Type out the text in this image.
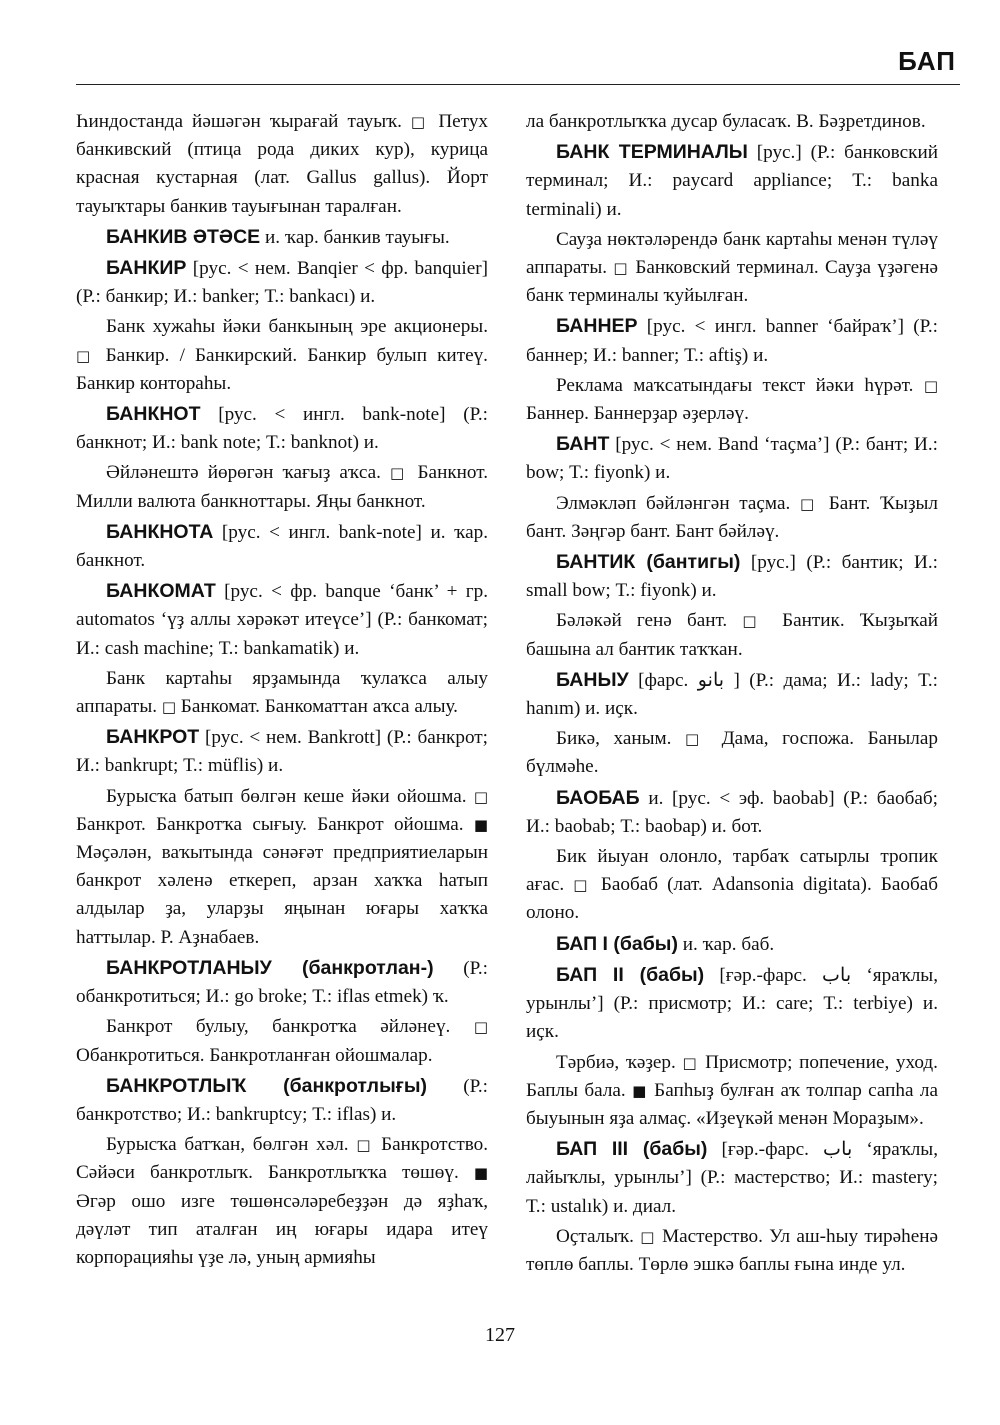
БАП

Һиндостанда йәшәгән ҡырағай тауыҡ. □ Петух банкивский (птица рода диких кур), курица красная кустарная (лат. Gallus gallus). Йорт тауыҡтары банкив тауығынан таралған.

БАНКИВ ӘТӘСЕ и. ҡар. банкив тауығы.

БАНКИР [рус. < нем. Banqier < фр. banquier] (Р.: банкир; И.: banker; Т.: bankacı) и.

Банк хужаһы йәки банкының эре акционеры. □ Банкир. / Банкирский. Банкир булып китеү. Банкир контораһы.

БАНКНОТ [рус. < ингл. bank-note] (Р.: банкнот; И.: bank note; Т.: banknot) и.

Әйләнештә йөрөгән ҡағыҙ аҡса. □ Банкнот. Милли валюта банкноттары. Яңы банкнот.

БАНКНОТА [рус. < ингл. bank-note] и. ҡар. банкнот.

БАНКОМАТ [рус. < фр. banque ‘банк’ + гр. automatos ‘үҙ аллы хәрәкәт итеүсе’] (Р.: банкомат; И.: cash machine; Т.: bankamatik) и.

Банк картаһы ярҙамында ҡулаҡса алыу аппараты. □ Банкомат. Банкоматтан аҡса алыу.

БАНКРОТ [рус. < нем. Bankrott] (Р.: банкрот; И.: bankrupt; Т.: müflis) и.

Бурысҡа батып бөлгән кеше йәки ойошма. □ Банкрот. Банкротҡа сығыу. Банкрот ойошма. ■ Мәҫәлән, ваҡытында сәнәғәт предприятиеларын банкрот хәленә еткереп, арзан хаҡҡа һатып алдылар ҙа, уларҙы яңынан юғары хаҡҡа һаттылар. Р. Аҙнабаев.

БАНКРОТЛАНЫУ (банкротлан-) (Р.: обанкротиться; И.: go broke; Т.: iflas etmek) ҡ.

Банкрот булыу, банкротҡа әйләнеү. □ Обанкротиться. Банкротланған ойошмалар.

БАНКРОТЛЫҠ (банкротлығы) (Р.: банкротство; И.: bankruptcy; Т.: iflas) и.

Бурысҡа батҡан, бөлгән хәл. □ Банкротство. Сәйәси банкротлыҡ. Банкротлыҡҡа төшөү. ■ Әгәр ошо изге төшөнсәләребеҙҙән дә яҙһаҡ, дәүләт тип аталған иң юғары идара итеү корпорацияһы үҙе лә, уның армияһы

ла банкротлыҡҡа дусар буласаҡ. В. Бәҙретдинов.

БАНК ТЕРМИНАЛЫ [рус.] (Р.: банковский терминал; И.: paycard appliance; Т.: banka terminali) и.

Сауҙа нөктәләрендә банк картаһы менән түләү аппараты. □ Банковский терминал. Сауҙа үҙәгенә банк терминалы ҡуйылған.

БАННЕР [рус. < ингл. banner ‘байраҡ’] (Р.: баннер; И.: banner; Т.: aftiş) и.

Реклама маҡсатындағы текст йәки һүрәт. □ Баннер. Баннерҙар әҙерләү.

БАНТ [рус. < нем. Band ‘таҫма’] (Р.: бант; И.: bow; Т.: fiyonk) и.

Элмәкләп бәйләнгән таҫма. □ Бант. Ҡыҙыл бант. Зәңгәр бант. Бант бәйләү.

БАНТИК (бантигы) [рус.] (Р.: бантик; И.: small bow; Т.: fiyonk) и.

Бәләкәй генә бант. □ Бантик. Ҡыҙыҡай башына ал бантик таҡҡан.

БАНЫУ [фарс. بانو ] (Р.: дама; И.: lady; Т.: hanım) и. иҫк.

Бикә, ханым. □ Дама, госпожа. Банылар бүлмәһе.

БАОБАБ и. [рус. < эф. baobab] (Р.: баобаб; И.: baobab; Т.: baobap) и. бот.

Бик йыуан олонло, тарбаҡ сатырлы тропик ағас. □ Баобаб (лат. Adansonia digitata). Баобаб олоно.

БАП I (бабы) и. ҡар. баб.

БАП II (бабы) [ғәр.-фарс. باب ‘яраҡлы, урынлы’] (Р.: присмотр; И.: care; Т.: terbiye) и. иҫк.

Тәрбиә, ҡәҙер. □ Присмотр; попечение, уход. Баплы бала. ■ Бапһыҙ булған аҡ толпар сапһа ла быуынын яҙа алмаҫ. «Иҙеүкәй менән Мораҙым».

БАП III (бабы) [ғәр.-фарс. باب ‘яраҡлы, лайыҡлы, урынлы’] (Р.: мастерство; И.: mastery; Т.: ustalık) и. диал.

Оҫталыҡ. □ Мастерство. Ул аш-һыу тирәһенә төплө баплы. Төрлө эшкә баплы ғына инде ул.

127
